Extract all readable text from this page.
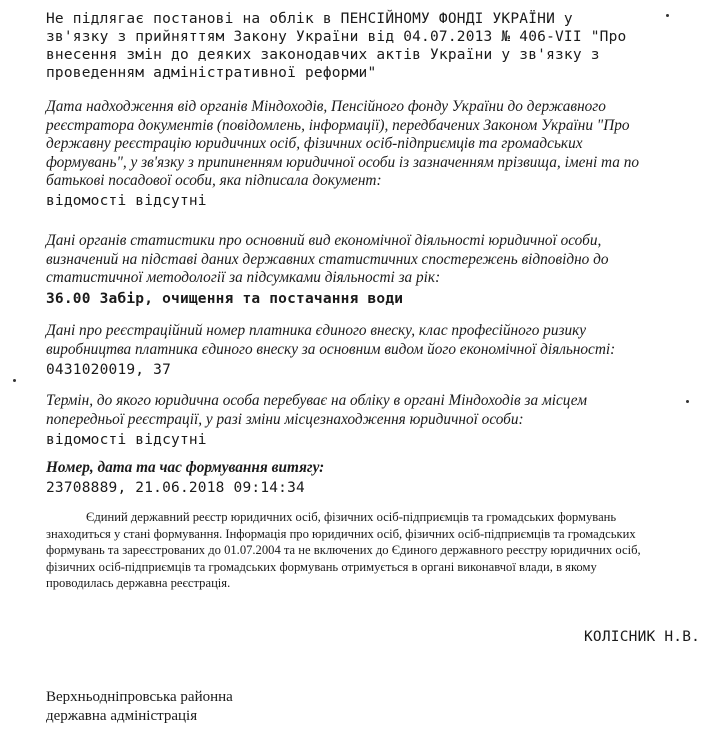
Не підлягає постанові на облік в ПЕНСІЙНОМУ ФОНДІ УКРАЇНИ у
зв'язку з прийняттям Закону України від 04.07.2013 № 406-VII "Про
внесення змін до деяких законодавчих актів України у зв'язку з
проведенням адміністративної реформи"
Дата надходження від органів Міндоходів, Пенсійного фонду України до державного
реєстратора документів (повідомлень, інформації), передбачених Законом України "Про
державну реєстрацію юридичних осіб, фізичних осіб-підприємців та громадських
формувань", у зв'язку з припиненням юридичної особи із зазначенням прізвища, імені та по
батькові посадової особи, яка підписала документ:
відомості відсутні
Дані органів статистики про основний вид економічної діяльності юридичної особи,
визначений на підставі даних державних статистичних спостережень відповідно до
статистичної методології за підсумками діяльності за рік:
36.00 Забір, очищення та постачання води
Дані про реєстраційний номер платника єдиного внеску, клас професійного ризику
виробництва платника єдиного внеску за основним видом його економічної діяльності:
0431020019, 37
Термін, до якого юридична особа перебуває на обліку в органі Міндоходів за місцем
попередньої реєстрації, у разі зміни місцезнаходження юридичної особи:
відомості відсутні
Номер, дата та час формування витягу:
23708889, 21.06.2018 09:14:34
Єдиний державний реєстр юридичних осіб, фізичних осіб-підприємців та громадських формувань
знаходиться у стані формування. Інформація про юридичних осіб, фізичних осіб-підприємців та громадських
формувань та зареєстрованих до 01.07.2004 та не включених до Єдиного державного реєстру юридичних осіб,
фізичних осіб-підприємців та громадських формувань отримується в органі виконавчої влади, в якому
проводилась державна реєстрація.
КОЛІСНИК Н.В.
Верхньодніпровська районна
державна адміністрація
